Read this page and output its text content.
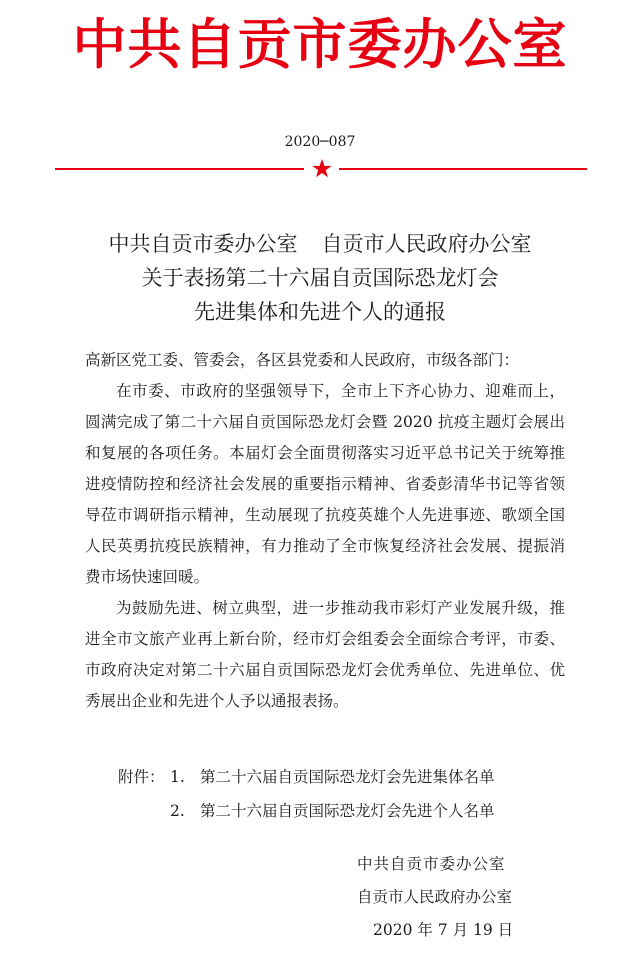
中共自贡市委办公室
2020─087
中共自贡市委办公室 自贡市人民政府办公室
关于表扬第二十六届自贡国际恐龙灯会
先进集体和先进个人的通报

高新区党工委、管委会，各区县党委和人民政府，市级各部门：

在市委、市政府的坚强领导下，全市上下齐心协力、迎难而上，圆满完成了第二十六届自贡国际恐龙灯会暨 2020 抗疫主题灯会展出和复展的各项任务。本届灯会全面贯彻落实习近平总书记关于统筹推进疫情防控和经济社会发展的重要指示精神、省委彭清华书记等省领导莅市调研指示精神，生动展现了抗疫英雄个人先进事迹、歌颂全国人民英勇抗疫民族精神，有力推动了全市恢复经济社会发展、提振消费市场快速回暖。

为鼓励先进、树立典型，进一步推动我市彩灯产业发展升级，推进全市文旅产业再上新台阶，经市灯会组委会全面综合考评，市委、市政府决定对第二十六届自贡国际恐龙灯会优秀单位、先进单位、优秀展出企业和先进个人予以通报表扬。

附件： 1. 第二十六届自贡国际恐龙灯会先进集体名单
2. 第二十六届自贡国际恐龙灯会先进个人名单
中共自贡市委办公室
自贡市人民政府办公室
2020 年 7 月 19 日
